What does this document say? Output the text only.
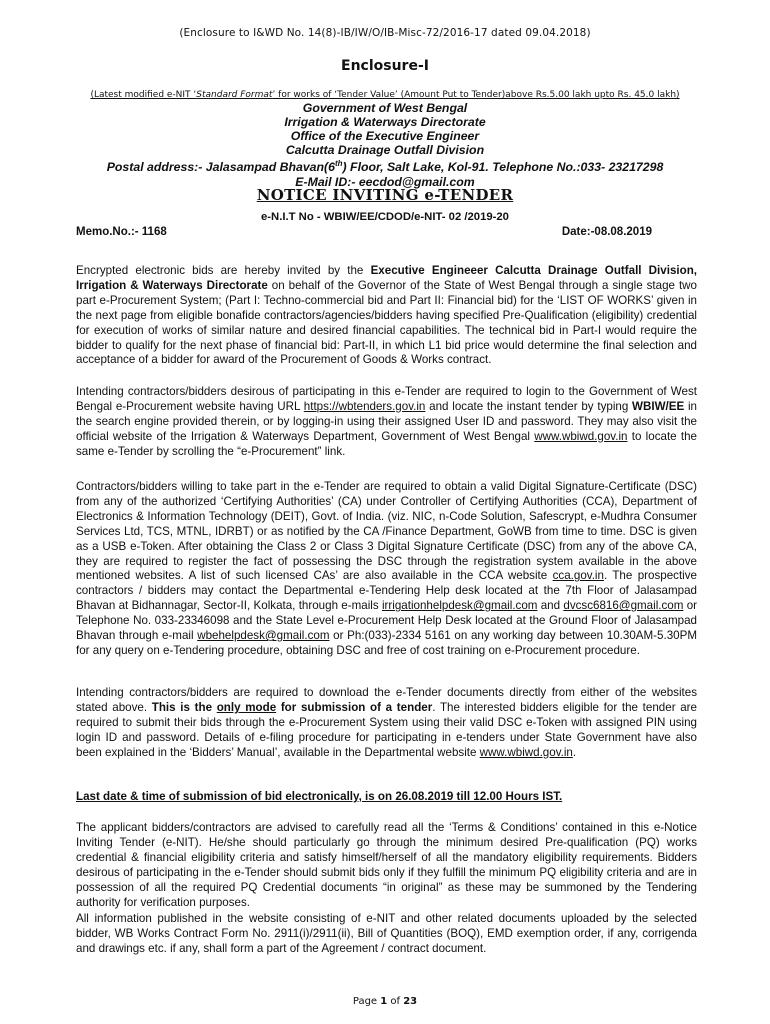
(Enclosure to I&WD No. 14(8)-IB/IW/O/IB-Misc-72/2016-17 dated 09.04.2018)
Enclosure-I
(Latest modified e-NIT ‘Standard Format’ for works of ‘Tender Value’ (Amount Put to Tender)above Rs.5.00 lakh upto Rs. 45.0 lakh)
Government of West Bengal
Irrigation & Waterways Directorate
Office of the Executive Engineer
Calcutta Drainage Outfall Division
Postal address:- Jalasampad Bhavan(6th) Floor, Salt Lake, Kol-91. Telephone No.:033- 23217298
E-Mail ID:- eecdod@gmail.com
NOTICE INVITING e-TENDER
e-N.I.T No - WBIW/EE/CDOD/e-NIT- 02 /2019-20
Memo.No.:- 1168	Date:-08.08.2019
Encrypted electronic bids are hereby invited by the Executive Engineeer Calcutta Drainage Outfall Division, Irrigation & Waterways Directorate on behalf of the Governor of the State of West Bengal through a single stage two part e-Procurement System; (Part I: Techno-commercial bid and Part II: Financial bid) for the ‘LIST OF WORKS’ given in the next page from eligible bonafide contractors/agencies/bidders having specified Pre-Qualification (eligibility) credential for execution of works of similar nature and desired financial capabilities. The technical bid in Part-I would require the bidder to qualify for the next phase of financial bid: Part-II, in which L1 bid price would determine the final selection and acceptance of a bidder for award of the Procurement of Goods & Works contract.
Intending contractors/bidders desirous of participating in this e-Tender are required to login to the Government of West Bengal e-Procurement website having URL https://wbtenders.gov.in and locate the instant tender by typing WBIW/EE in the search engine provided therein, or by logging-in using their assigned User ID and password. They may also visit the official website of the Irrigation & Waterways Department, Government of West Bengal www.wbiwd.gov.in to locate the same e-Tender by scrolling the “e-Procurement” link.
Contractors/bidders willing to take part in the e-Tender are required to obtain a valid Digital Signature-Certificate (DSC) from any of the authorized ‘Certifying Authorities’ (CA) under Controller of Certifying Authorities (CCA), Department of Electronics & Information Technology (DEIT), Govt. of India. (viz. NIC, n-Code Solution, Safescrypt, e-Mudhra Consumer Services Ltd, TCS, MTNL, IDRBT) or as notified by the CA /Finance Department, GoWB from time to time. DSC is given as a USB e-Token. After obtaining the Class 2 or Class 3 Digital Signature Certificate (DSC) from any of the above CA, they are required to register the fact of possessing the DSC through the registration system available in the above mentioned websites. A list of such licensed CAs’ are also available in the CCA website cca.gov.in. The prospective contractors / bidders may contact the Departmental e-Tendering Help desk located at the 7th Floor of Jalasampad Bhavan at Bidhannagar, Sector-II, Kolkata, through e-mails irrigationhelpdesk@gmail.com and dvcsc6816@gmail.com or Telephone No. 033-23346098 and the State Level e-Procurement Help Desk located at the Ground Floor of Jalasampad Bhavan through e-mail wbehelpdesk@gmail.com or Ph:(033)-2334 5161 on any working day between 10.30AM-5.30PM for any query on e-Tendering procedure, obtaining DSC and free of cost training on e-Procurement procedure.
Intending contractors/bidders are required to download the e-Tender documents directly from either of the websites stated above. This is the only mode for submission of a tender. The interested bidders eligible for the tender are required to submit their bids through the e-Procurement System using their valid DSC e-Token with assigned PIN using login ID and password. Details of e-filing procedure for participating in e-tenders under State Government have also been explained in the ‘Bidders’ Manual’, available in the Departmental website www.wbiwd.gov.in.
Last date & time of submission of bid electronically, is on 26.08.2019 till 12.00 Hours IST.
The applicant bidders/contractors are advised to carefully read all the ‘Terms & Conditions’ contained in this e-Notice Inviting Tender (e-NIT). He/she should particularly go through the minimum desired Pre-qualification (PQ) works credential & financial eligibility criteria and satisfy himself/herself of all the mandatory eligibility requirements. Bidders desirous of participating in the e-Tender should submit bids only if they fulfill the minimum PQ eligibility criteria and are in possession of all the required PQ Credential documents “in original” as these may be summoned by the Tendering authority for verification purposes.
All information published in the website consisting of e-NIT and other related documents uploaded by the selected bidder, WB Works Contract Form No. 2911(i)/2911(ii), Bill of Quantities (BOQ), EMD exemption order, if any, corrigenda and drawings etc. if any, shall form a part of the Agreement / contract document.
Page 1 of 23
